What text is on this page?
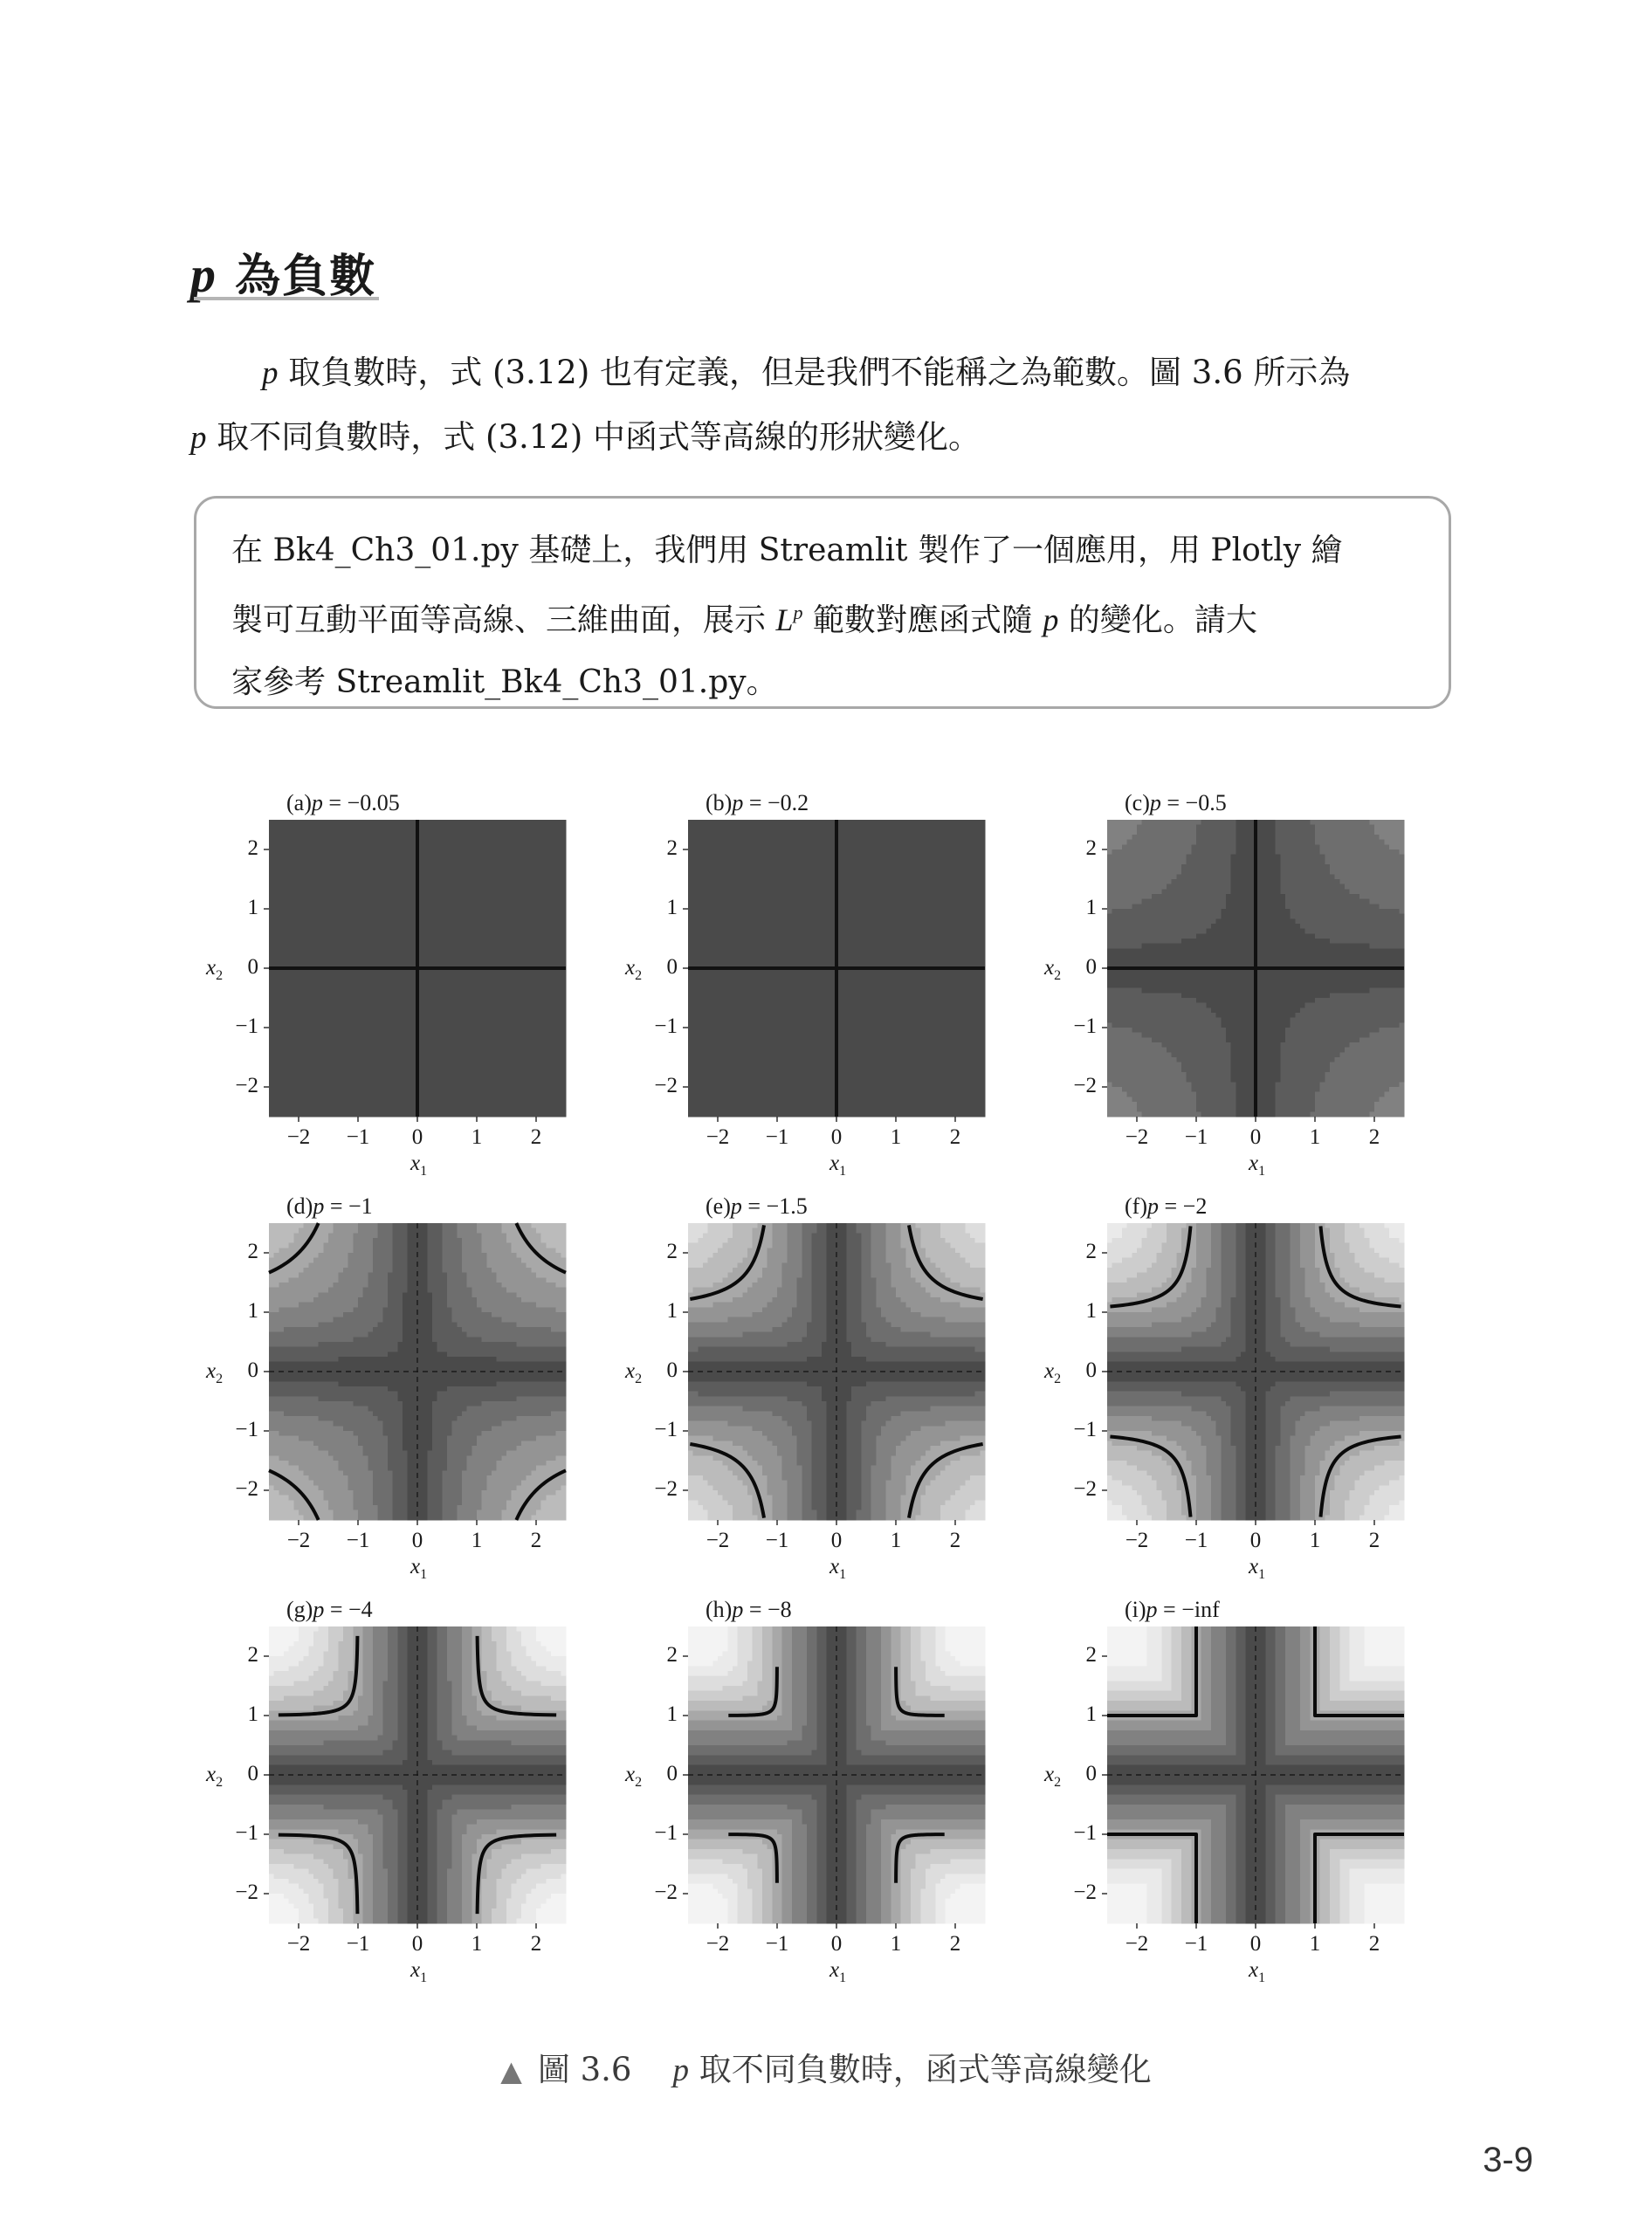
p 為負數
p 取負數時，式 (3.12) 也有定義，但是我們不能稱之為範數。圖 3.6 所示為
p 取不同負數時，式 (3.12) 中函式等高線的形狀變化。
在 Bk4_Ch3_01.py 基礎上，我們用 Streamlit 製作了一個應用，用 Plotly 繪
製可互動平面等高線、三維曲面，展示 $L^p$ 範數對應函式隨 p 的變化。請大
家參考 Streamlit_Bk4_Ch3_01.py。
(a)p = −0.05
2
1
0
−1
−2
−2	−1	0	1	2
$x_1$
$x_2$
(b)p = −0.2
2
1
0
−1
−2
−2	−1	0	1	2
$x_1$
$x_2$
(c)p = −0.5
2
1
0
−1
−2
−2	−1	0	1	2
$x_1$
$x_2$
(d)p = −1
2
1
0
−1
−2
−2	−1	0	1	2
$x_1$
$x_2$
(e)p = −1.5
2
1
0
−1
−2
−2	−1	0	1	2
$x_1$
$x_2$
(f)p = −2
2
1
0
−1
−2
−2	−1	0	1	2
$x_1$
$x_2$
(g)p = −4
2
1
0
−1
−2
−2	−1	0	1	2
$x_1$
$x_2$
(h)p = −8
2
1
0
−1
−2
−2	−1	0	1	2
$x_1$
$x_2$
(i)p = −inf
2
1
0
−1
−2
−2	−1	0	1	2
$x_1$
$x_2$
▲ 圖 3.6 p 取不同負數時，函式等高線變化
3-9
